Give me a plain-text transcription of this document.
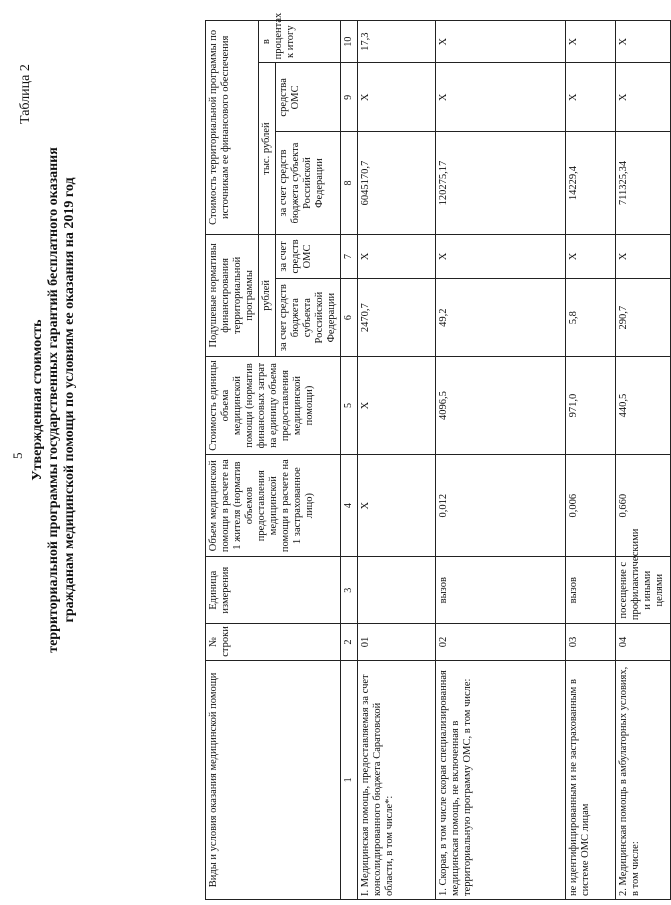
5
Таблица 2
Утвержденная стоимость территориальной программы государственных гарантий бесплатного оказания гражданам медицинской помощи по условиям ее оказания на 2019 год
Виды и условия оказания медицинской помощи	№ строки	Единица измерения	Объем медицинской помощи в расчете на 1 жителя (норматив объемов предоставления медицинской помощи в расчете на 1 застрахованное лицо)	Стоимость единицы объема медицинской помощи (норматив финансовых затрат на единицу объема предоставления медицинской помощи)	Подушевые нормативы финансирования территориальной программы		Стоимость территориальной программы по источникам ее финансового обеспечения		
					рублей		тыс. рублей		в процентах к итогу
					за счет средств бюджета субъекта Российской Федерации	за счет средств ОМС	за счет средств бюджета субъекта Российской Федерации	средства ОМС	
1	2	3	4	5	6	7	8	9	10
I. Медицинская помощь, предоставляемая за счет консолидированного бюджета Саратовской области, в том числе*:	01		X	X	2470,7	X	6045170,7	X	17,3
1. Скорая, в том числе скорая специализированная медицинская помощь, не включенная в территориальную программу ОМС, в том числе:	02	вызов	0,012	4096,5	49,2	X	120275,17	X	X
не идентифицированным и не застрахованным в системе ОМС лицам	03	вызов	0,006	971,0	5,8	X	14229,4	X	X
2. Медицинская помощь в амбулаторных условиях, в том числе:	04	посещение с профилактическими и иными целями	0,660	440,5	290,7	X	711325,34	X	X
